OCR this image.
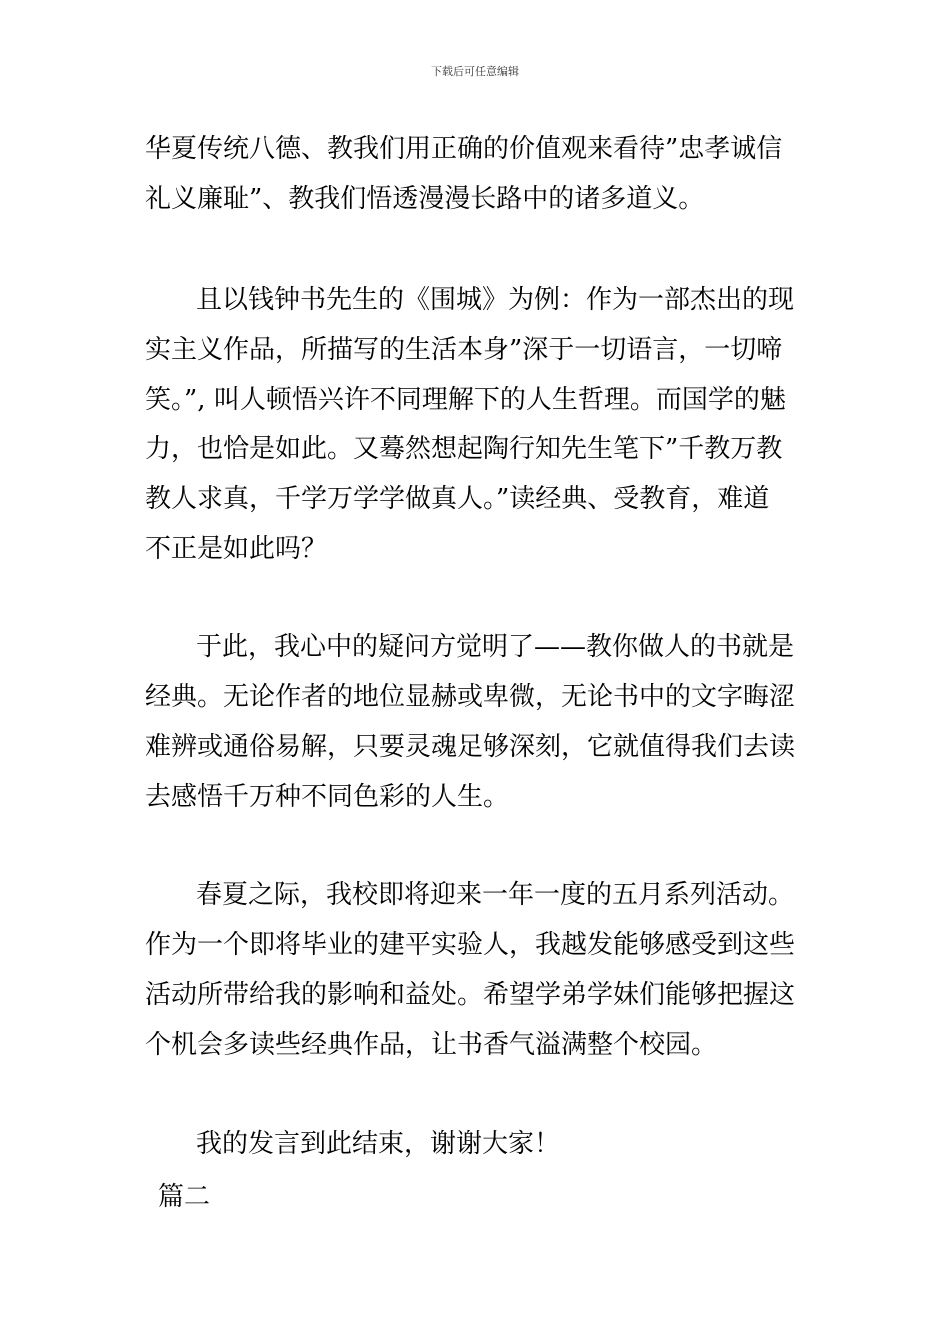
下载后可任意编辑
华夏传统八德、教我们用正确的价值观来看待”忠孝诚信
礼义廉耻”、教我们悟透漫漫长路中的诸多道义。
且以钱钟书先生的《围城》为例：作为一部杰出的现
实主义作品，所描写的生活本身”深于一切语言，一切啼
笑。”, 叫人顿悟兴许不同理解下的人生哲理。而国学的魅
力，也恰是如此。又蓦然想起陶行知先生笔下”千教万教
教人求真，千学万学学做真人。”读经典、受教育，难道
不正是如此吗？
于此，我心中的疑问方觉明了——教你做人的书就是
经典。无论作者的地位显赫或卑微，无论书中的文字晦涩
难辨或通俗易解，只要灵魂足够深刻，它就值得我们去读
去感悟千万种不同色彩的人生。
春夏之际，我校即将迎来一年一度的五月系列活动。
作为一个即将毕业的建平实验人，我越发能够感受到这些
活动所带给我的影响和益处。希望学弟学妹们能够把握这
个机会多读些经典作品，让书香气溢满整个校园。
我的发言到此结束，谢谢大家！
篇二
